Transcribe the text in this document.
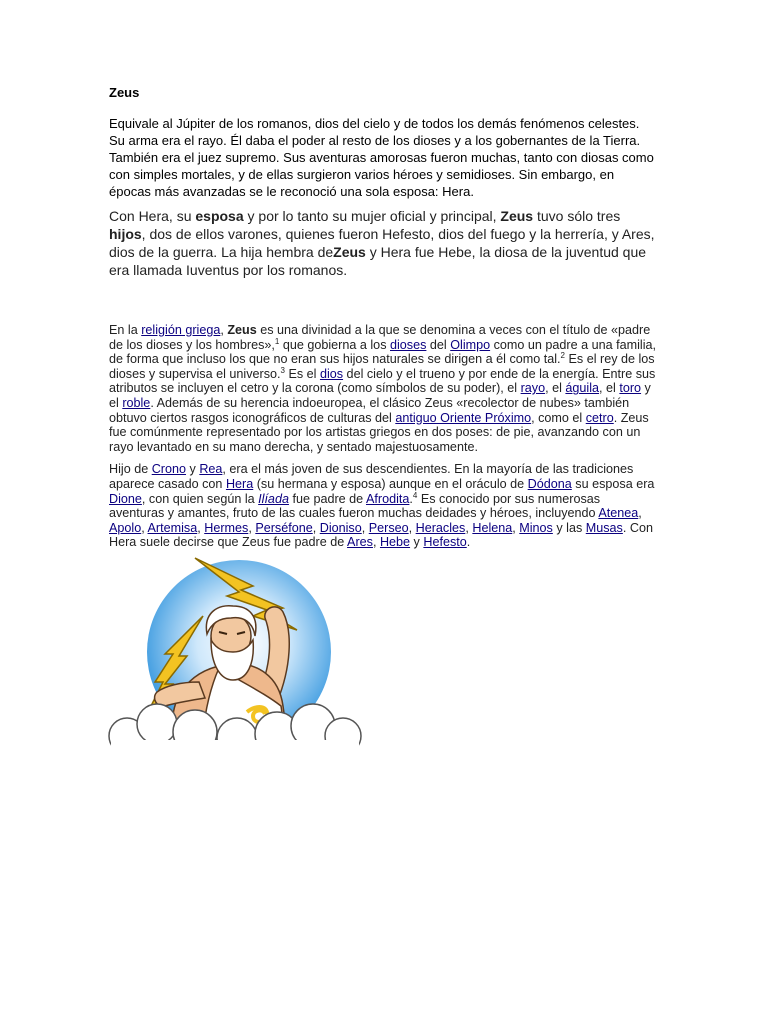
Zeus

Equivale al Júpiter de los romanos, dios del cielo y de todos los demás fenómenos celestes. Su arma era el rayo. Él daba el poder al resto de los dioses y a los gobernantes de la Tierra. También era el juez supremo. Sus aventuras amorosas fueron muchas, tanto con diosas como con simples mortales, y de ellas surgieron varios héroes y semidioses. Sin embargo, en épocas más avanzadas se le reconoció una sola esposa: Hera.

Con Hera, su esposa y por lo tanto su mujer oficial y principal, Zeus tuvo sólo tres hijos, dos de ellos varones, quienes fueron Hefesto, dios del fuego y la herrería, y Ares, dios de la guerra. La hija hembra deZeus y Hera fue Hebe, la diosa de la juventud que era llamada Iuventus por los romanos.

En la religión griega, Zeus es una divinidad a la que se denomina a veces con el título de «padre de los dioses y los hombres»,$^1$ que gobierna a los dioses del Olimpo como un padre a una familia, de forma que incluso los que no eran sus hijos naturales se dirigen a él como tal.$^2$ Es el rey de los dioses y supervisa el universo.$^3$ Es el dios del cielo y el trueno y por ende de la energía. Entre sus atributos se incluyen el cetro y la corona (como símbolos de su poder), el rayo, el águila, el toro y el roble. Además de su herencia indoeuropea, el clásico Zeus «recolector de nubes» también obtuvo ciertos rasgos iconográficos de culturas del antiguo Oriente Próximo, como el cetro. Zeus fue comúnmente representado por los artistas griegos en dos poses: de pie, avanzando con un rayo levantado en su mano derecha, y sentado majestuosamente.

Hijo de Crono y Rea, era el más joven de sus descendientes. En la mayoría de las tradiciones aparece casado con Hera (su hermana y esposa) aunque en el oráculo de Dódona su esposa era Dione, con quien según la Ilíada fue padre de Afrodita.$^4$ Es conocido por sus numerosas aventuras y amantes, fruto de las cuales fueron muchas deidades y héroes, incluyendo Atenea, Apolo, Artemisa, Hermes, Perséfone, Dioniso, Perseo, Heracles, Helena, Minos y las Musas. Con Hera suele decirse que Zeus fue padre de Ares, Hebe y Hefesto.
